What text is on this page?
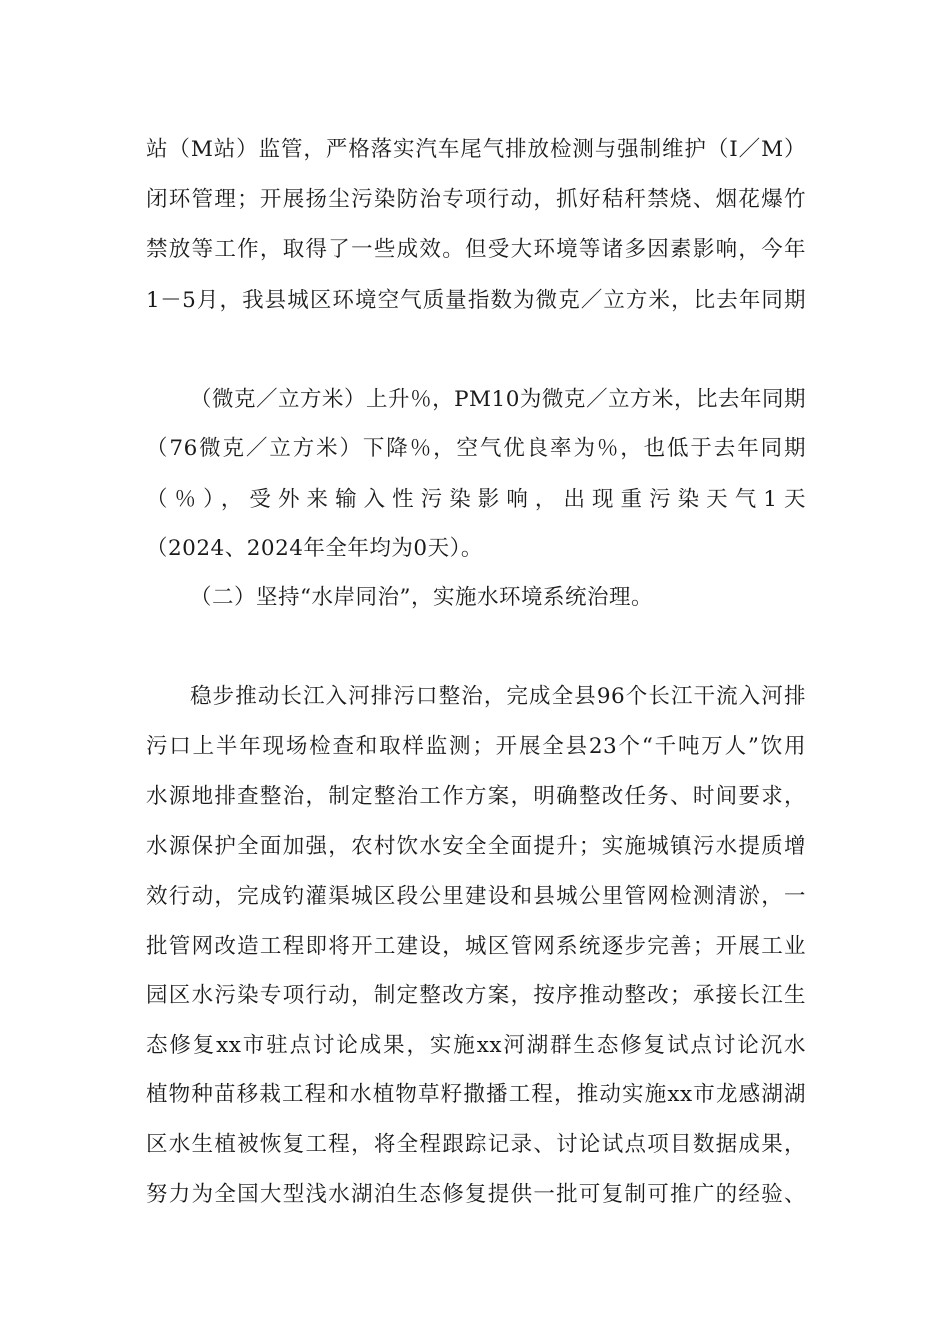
站（M站）监管，严格落实汽车尾气排放检测与强制维护（I／M）
闭环管理；开展扬尘污染防治专项行动，抓好秸秆禁烧、烟花爆竹
禁放等工作，取得了一些成效。但受大环境等诸多因素影响，今年
1－5月，我县城区环境空气质量指数为微克／立方米，比去年同期
（微克／立方米）上升％，PM10为微克／立方米，比去年同期
（76微克／立方米）下降％，空气优良率为％，也低于去年同期
（％），受外来输入性污染影响，出现重污染天气1天
（2024、2024年全年均为0天）。
（二）坚持“水岸同治”，实施水环境系统治理。
稳步推动长江入河排污口整治，完成全县96个长江干流入河排
污口上半年现场检查和取样监测；开展全县23个“千吨万人”饮用
水源地排查整治，制定整治工作方案，明确整改任务、时间要求，
水源保护全面加强，农村饮水安全全面提升；实施城镇污水提质增
效行动，完成钓灌渠城区段公里建设和县城公里管网检测清淤，一
批管网改造工程即将开工建设，城区管网系统逐步完善；开展工业
园区水污染专项行动，制定整改方案，按序推动整改；承接长江生
态修复xx市驻点讨论成果，实施xx河湖群生态修复试点讨论沉水
植物种苗移栽工程和水植物草籽撒播工程，推动实施xx市龙感湖湖
区水生植被恢复工程，将全程跟踪记录、讨论试点项目数据成果，
努力为全国大型浅水湖泊生态修复提供一批可复制可推广的经验、
